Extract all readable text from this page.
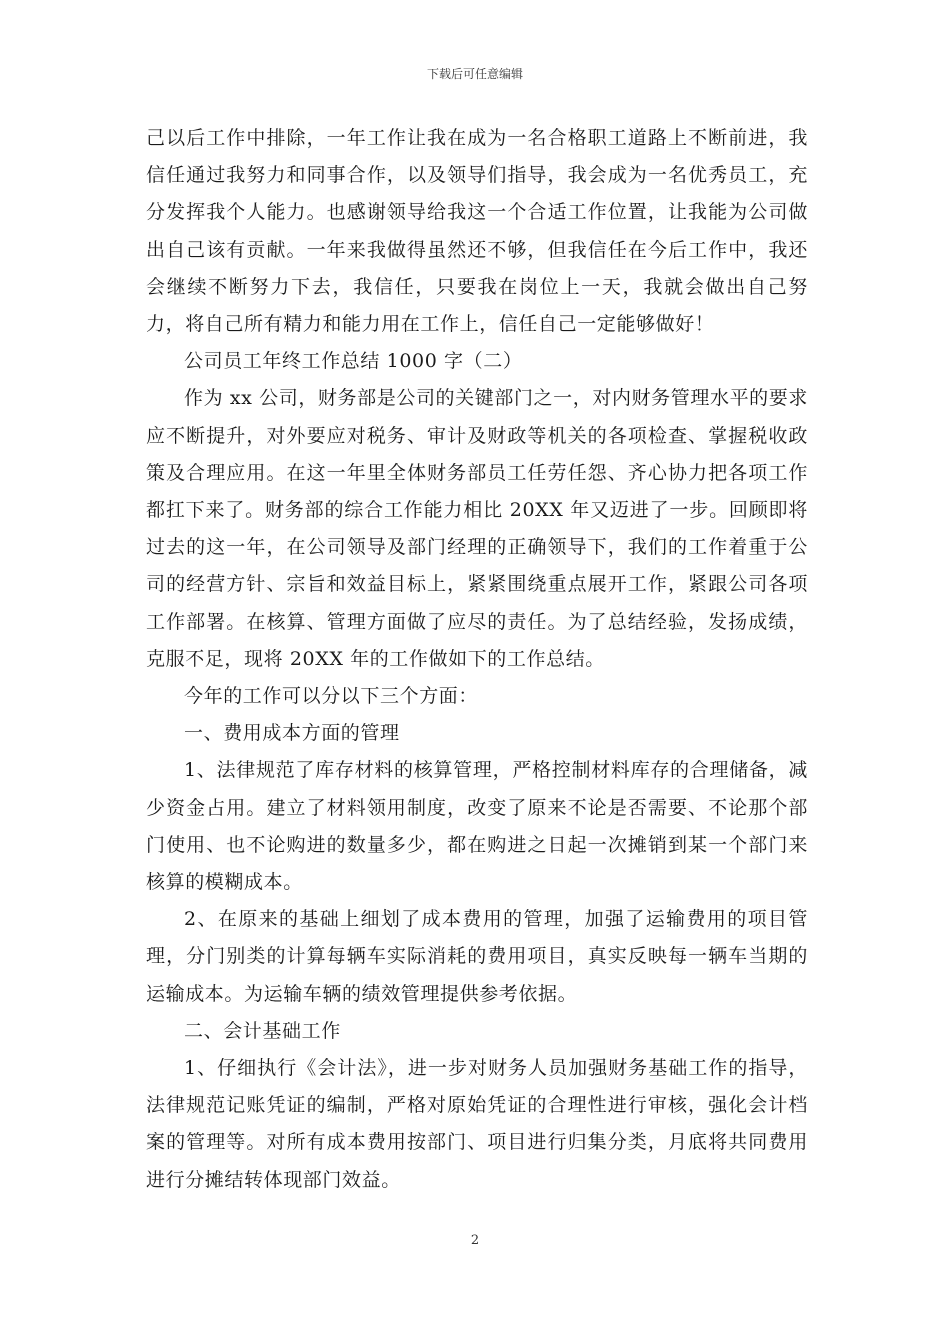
下载后可任意编辑

己以后工作中排除，一年工作让我在成为一名合格职工道路上不断前进，我信任通过我努力和同事合作，以及领导们指导，我会成为一名优秀员工，充分发挥我个人能力。也感谢领导给我这一个合适工作位置，让我能为公司做出自己该有贡献。一年来我做得虽然还不够，但我信任在今后工作中，我还会继续不断努力下去，我信任，只要我在岗位上一天，我就会做出自己努力，将自己所有精力和能力用在工作上，信任自己一定能够做好！

公司员工年终工作总结 1000 字（二）

作为 xx 公司，财务部是公司的关键部门之一，对内财务管理水平的要求应不断提升，对外要应对税务、审计及财政等机关的各项检查、掌握税收政策及合理应用。在这一年里全体财务部员工任劳任怨、齐心协力把各项工作都扛下来了。财务部的综合工作能力相比 20XX 年又迈进了一步。回顾即将过去的这一年，在公司领导及部门经理的正确领导下，我们的工作着重于公司的经营方针、宗旨和效益目标上，紧紧围绕重点展开工作，紧跟公司各项工作部署。在核算、管理方面做了应尽的责任。为了总结经验，发扬成绩，克服不足，现将 20XX 年的工作做如下的工作总结。

今年的工作可以分以下三个方面：

一、费用成本方面的管理

1、法律规范了库存材料的核算管理，严格控制材料库存的合理储备，减少资金占用。建立了材料领用制度，改变了原来不论是否需要、不论那个部门使用、也不论购进的数量多少，都在购进之日起一次摊销到某一个部门来核算的模糊成本。

2、在原来的基础上细划了成本费用的管理，加强了运输费用的项目管理，分门别类的计算每辆车实际消耗的费用项目，真实反映每一辆车当期的运输成本。为运输车辆的绩效管理提供参考依据。

二、会计基础工作

1、仔细执行《会计法》，进一步对财务人员加强财务基础工作的指导，法律规范记账凭证的编制，严格对原始凭证的合理性进行审核，强化会计档案的管理等。对所有成本费用按部门、项目进行归集分类，月底将共同费用进行分摊结转体现部门效益。

2
